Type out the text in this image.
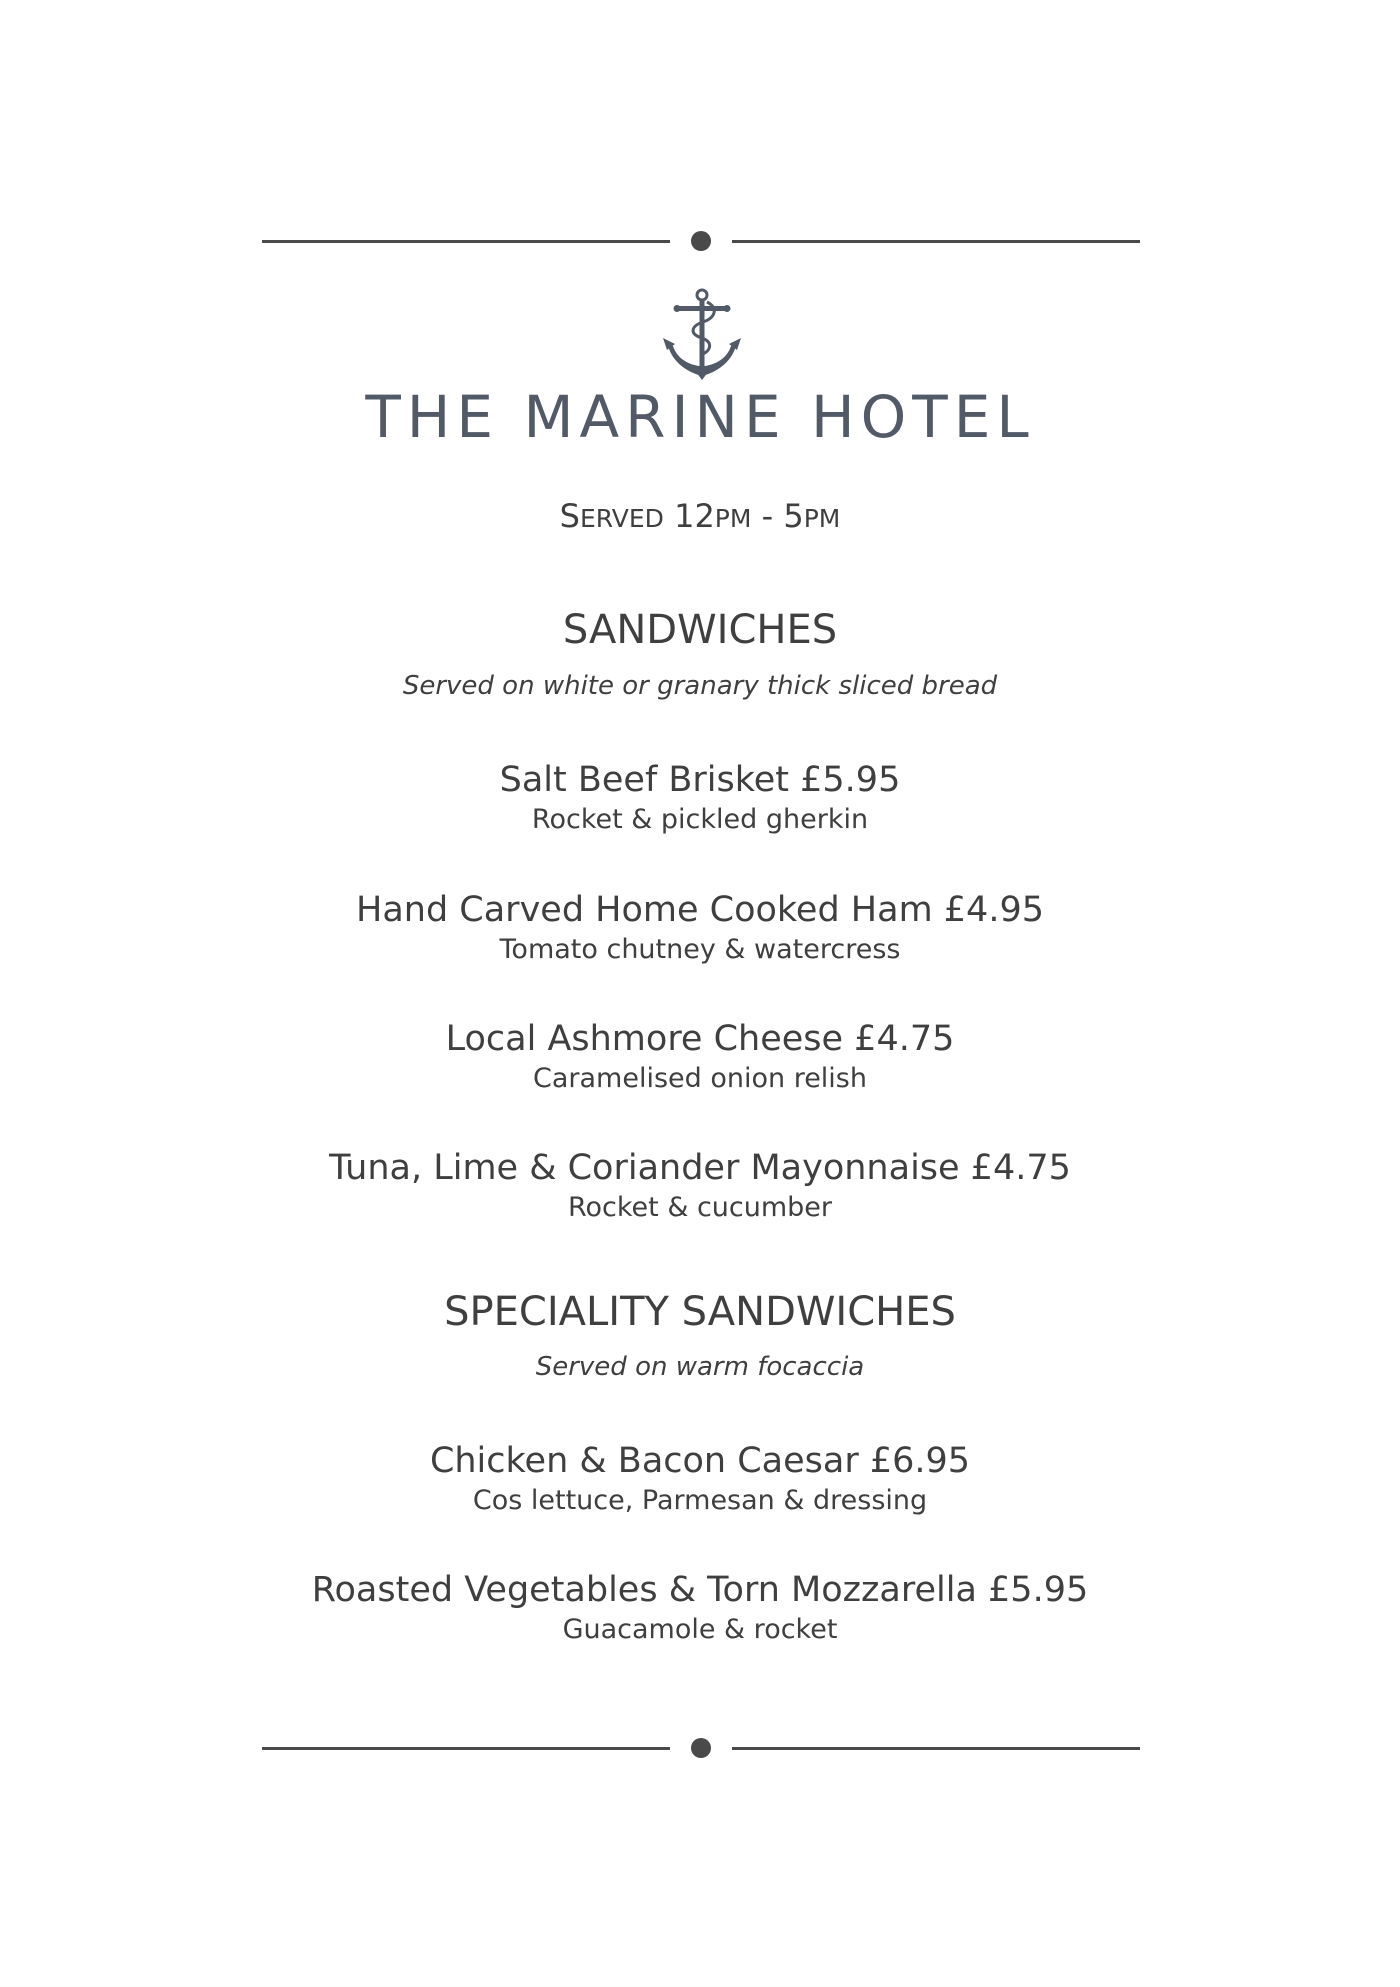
THE MARINE HOTEL
SERVED 12PM - 5PM
SANDWICHES
Served on white or granary thick sliced bread
Salt Beef Brisket £5.95
Rocket & pickled gherkin
Hand Carved Home Cooked Ham £4.95
Tomato chutney & watercress
Local Ashmore Cheese £4.75
Caramelised onion relish
Tuna, Lime & Coriander Mayonnaise £4.75
Rocket & cucumber
SPECIALITY SANDWICHES
Served on warm focaccia
Chicken & Bacon Caesar £6.95
Cos lettuce, Parmesan & dressing
Roasted Vegetables & Torn Mozzarella £5.95
Guacamole & rocket
